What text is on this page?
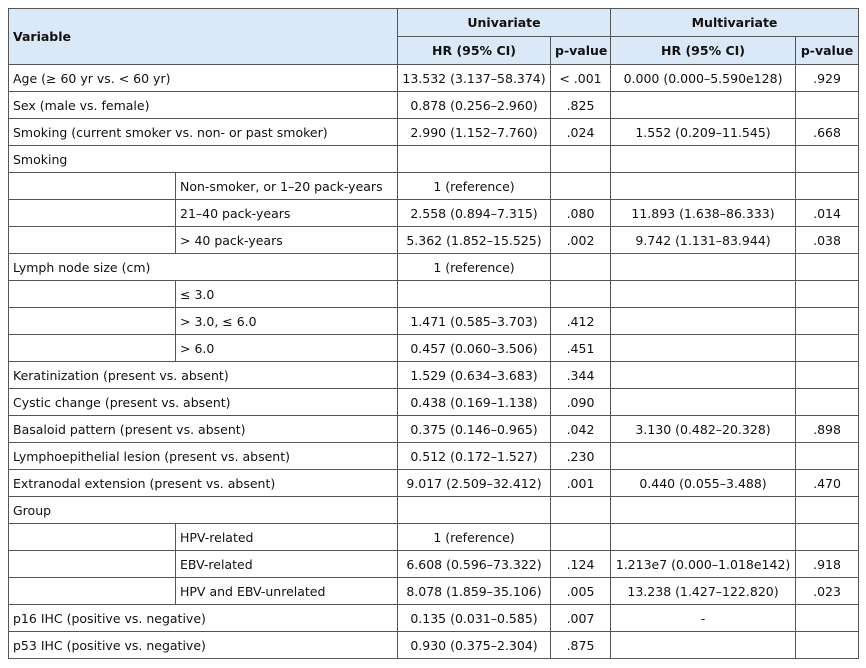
Variable		Univariate		Multivariate	
		HR (95% CI)	p-value	HR (95% CI)	p-value
Age (≥ 60 yr vs. < 60 yr)		13.532 (3.137–58.374)	< .001	0.000 (0.000–5.590e128)	.929
Sex (male vs. female)		0.878 (0.256–2.960)	.825		
Smoking (current smoker vs. non- or past smoker)		2.990 (1.152–7.760)	.024	1.552 (0.209–11.545)	.668
Smoking					
	Non-smoker, or 1–20 pack-years	1 (reference)			
	21–40 pack-years	2.558 (0.894–7.315)	.080	11.893 (1.638–86.333)	.014
	> 40 pack-years	5.362 (1.852–15.525)	.002	9.742 (1.131–83.944)	.038
Lymph node size (cm)		1 (reference)			
	≤ 3.0				
	> 3.0, ≤ 6.0	1.471 (0.585–3.703)	.412		
	> 6.0	0.457 (0.060–3.506)	.451		
Keratinization (present vs. absent)		1.529 (0.634–3.683)	.344		
Cystic change (present vs. absent)		0.438 (0.169–1.138)	.090		
Basaloid pattern (present vs. absent)		0.375 (0.146–0.965)	.042	3.130 (0.482–20.328)	.898
Lymphoepithelial lesion (present vs. absent)		0.512 (0.172–1.527)	.230		
Extranodal extension (present vs. absent)		9.017 (2.509–32.412)	.001	0.440 (0.055–3.488)	.470
Group					
	HPV-related	1 (reference)			
	EBV-related	6.608 (0.596–73.322)	.124	1.213e7 (0.000–1.018e142)	.918
	HPV and EBV-unrelated	8.078 (1.859–35.106)	.005	13.238 (1.427–122.820)	.023
p16 IHC (positive vs. negative)		0.135 (0.031–0.585)	.007	-	
p53 IHC (positive vs. negative)		0.930 (0.375–2.304)	.875		
